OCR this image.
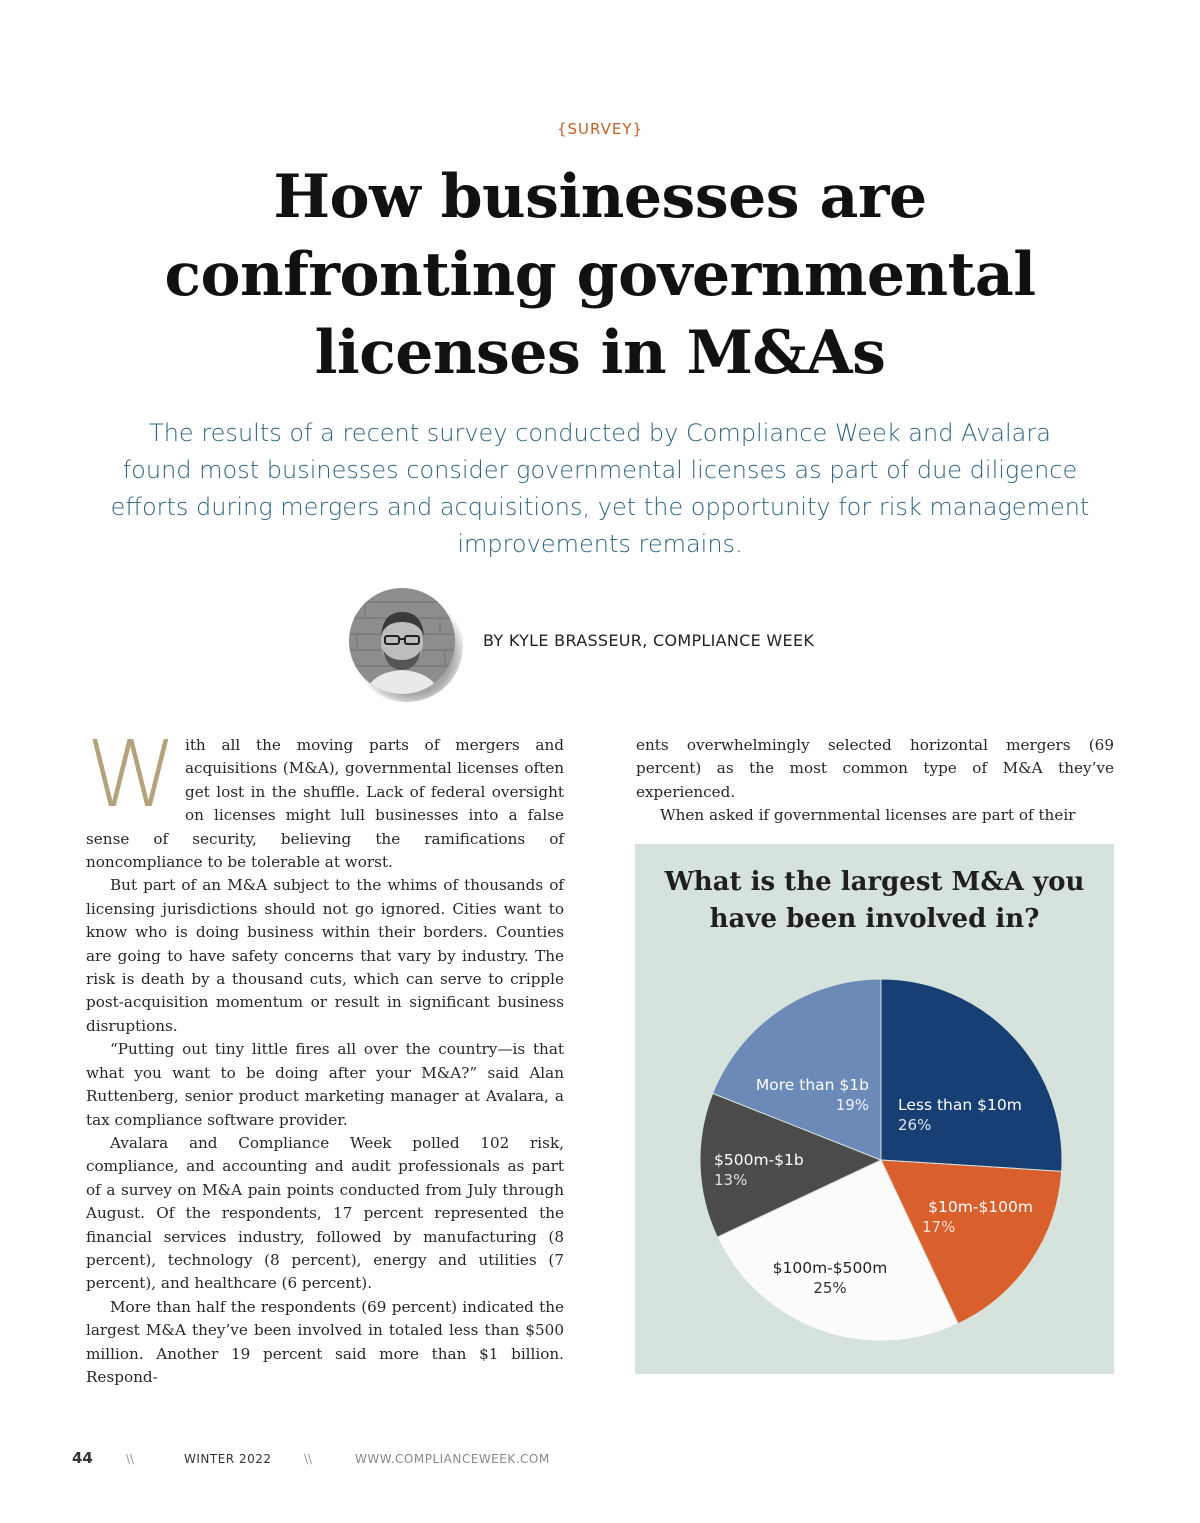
{SURVEY}
How businesses are
confronting governmental
licenses in M&As

The results of a recent survey conducted by Compliance Week and Avalara
found most businesses consider governmental licenses as part of due diligence
efforts during mergers and acquisitions, yet the opportunity for risk management
improvements remains.

BY KYLE BRASSEUR, COMPLIANCE WEEK

With all the moving parts of mergers and acquisitions (M&A), governmental licenses often get lost in the shuffle. Lack of federal oversight on licenses might lull businesses into a false sense of security, believing the ramifications of noncompliance to be tolerable at worst.

But part of an M&A subject to the whims of thousands of licensing jurisdictions should not go ignored. Cities want to know who is doing business within their borders. Counties are going to have safety concerns that vary by industry. The risk is death by a thousand cuts, which can serve to cripple post-acquisition momentum or result in significant business disruptions.

“Putting out tiny little fires all over the country—is that what you want to be doing after your M&A?” said Alan Ruttenberg, senior product marketing manager at Avalara, a tax compliance software provider.

Avalara and Compliance Week polled 102 risk, compliance, and accounting and audit professionals as part of a survey on M&A pain points conducted from July through August. Of the respondents, 17 percent represented the financial services industry, followed by manufacturing (8 percent), technology (8 percent), energy and utilities (7 percent), and healthcare (6 percent).

More than half the respondents (69 percent) indicated the largest M&A they’ve been involved in totaled less than $500 million. Another 19 percent said more than $1 billion. Respond-

ents overwhelmingly selected horizontal mergers (69 percent) as the most common type of M&A they’ve experienced.

When asked if governmental licenses are part of their

What is the largest M&A you
have been involved in?
Less than $10m
26%
$10m-$100m
17%
$100m-$500m
25%
$500m-$1b
13%
More than $1b
19%
44	\\	WINTER 2022	\\	WWW.COMPLIANCEWEEK.COM
